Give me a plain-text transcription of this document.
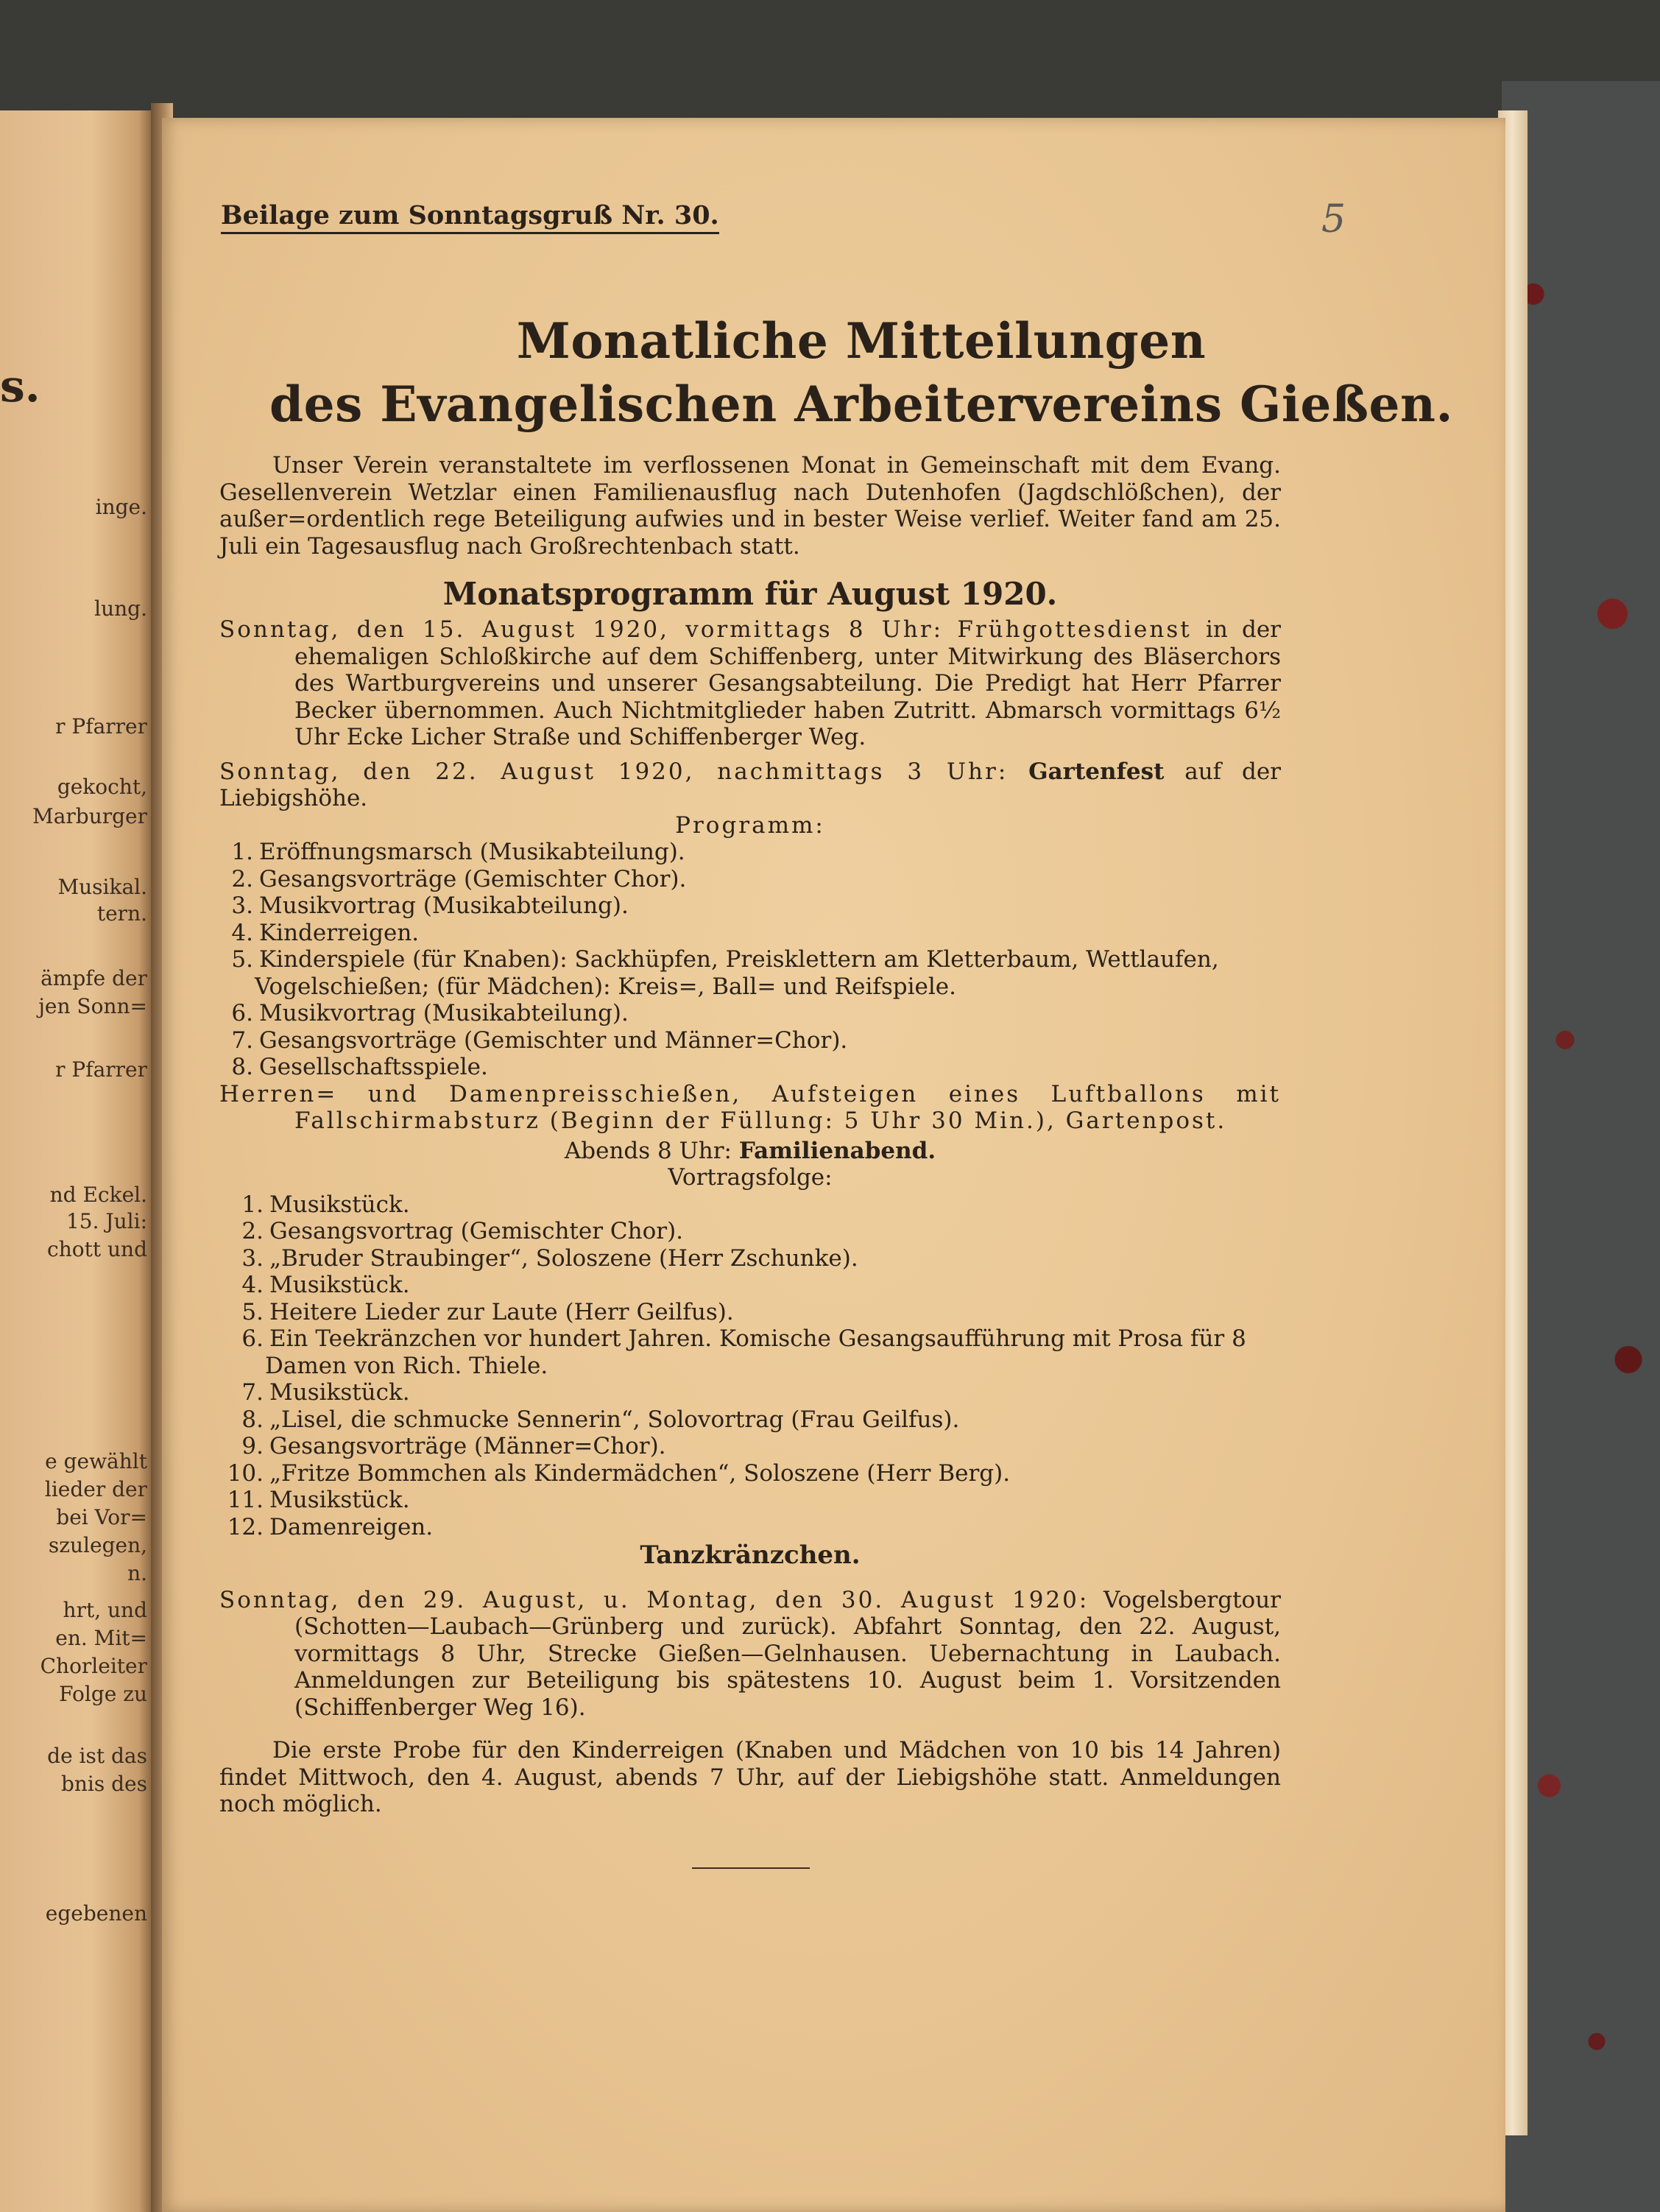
s.
inge.
lung.
r Pfarrer
gekocht,
Marburger
Musikal.
tern.
ämpfe der
jen Sonn=
r Pfarrer
nd Eckel.
15. Juli:
chott und
e gewählt
lieder der
bei Vor=
szulegen,
n.
hrt, und
en. Mit=
Chorleiter
Folge zu
de ist das
bnis des
egebenen
Beilage zum Sonntagsgruß Nr. 30.	5
Monatliche Mitteilungen
des Evangelischen Arbeitervereins Gießen.

Unser Verein veranstaltete im verflossenen Monat in Gemeinschaft mit dem Evang. Gesellenverein Wetzlar einen Familienausflug nach Dutenhofen (Jagdschlößchen), der außer=ordentlich rege Beteiligung aufwies und in bester Weise verlief. Weiter fand am 25. Juli ein Tagesausflug nach Großrechtenbach statt.

Monatsprogramm für August 1920.

Sonntag, den 15. August 1920, vormittags 8 Uhr: Frühgottesdienst in der ehemaligen Schloßkirche auf dem Schiffenberg, unter Mitwirkung des Bläserchors des Wartburgvereins und unserer Gesangsabteilung. Die Predigt hat Herr Pfarrer Becker übernommen. Auch Nichtmitglieder haben Zutritt. Abmarsch vormittags 6½ Uhr Ecke Licher Straße und Schiffenberger Weg.

Sonntag, den 22. August 1920, nachmittags 3 Uhr: Gartenfest auf der Liebigshöhe.

Programm:

1. Eröffnungsmarsch (Musikabteilung).

2. Gesangsvorträge (Gemischter Chor).

3. Musikvortrag (Musikabteilung).

4. Kinderreigen.

5. Kinderspiele (für Knaben): Sackhüpfen, Preisklettern am Kletterbaum, Wettlaufen, Vogelschießen; (für Mädchen): Kreis=, Ball= und Reifspiele.

6. Musikvortrag (Musikabteilung).

7. Gesangsvorträge (Gemischter und Männer=Chor).

8. Gesellschaftsspiele.

Herren= und Damenpreisschießen, Aufsteigen eines Luftballons mit Fallschirmabsturz (Beginn der Füllung: 5 Uhr 30 Min.), Gartenpost.

Abends 8 Uhr: Familienabend.

Vortragsfolge:

1. Musikstück.

2. Gesangsvortrag (Gemischter Chor).

3. „Bruder Straubinger“, Soloszene (Herr Zschunke).

4. Musikstück.

5. Heitere Lieder zur Laute (Herr Geilfus).

6. Ein Teekränzchen vor hundert Jahren. Komische Gesangsaufführung mit Prosa für 8 Damen von Rich. Thiele.

7. Musikstück.

8. „Lisel, die schmucke Sennerin“, Solovortrag (Frau Geilfus).

9. Gesangsvorträge (Männer=Chor).

10. „Fritze Bommchen als Kindermädchen“, Soloszene (Herr Berg).

11. Musikstück.

12. Damenreigen.

Tanzkränzchen.

Sonntag, den 29. August, u. Montag, den 30. August 1920: Vogelsbergtour (Schotten—Laubach—Grünberg und zurück). Abfahrt Sonntag, den 22. August, vormittags 8 Uhr, Strecke Gießen—Gelnhausen. Uebernachtung in Laubach. Anmeldungen zur Beteiligung bis spätestens 10. August beim 1. Vorsitzenden (Schiffenberger Weg 16).

Die erste Probe für den Kinderreigen (Knaben und Mädchen von 10 bis 14 Jahren) findet Mittwoch, den 4. August, abends 7 Uhr, auf der Liebigshöhe statt. Anmeldungen noch möglich.
